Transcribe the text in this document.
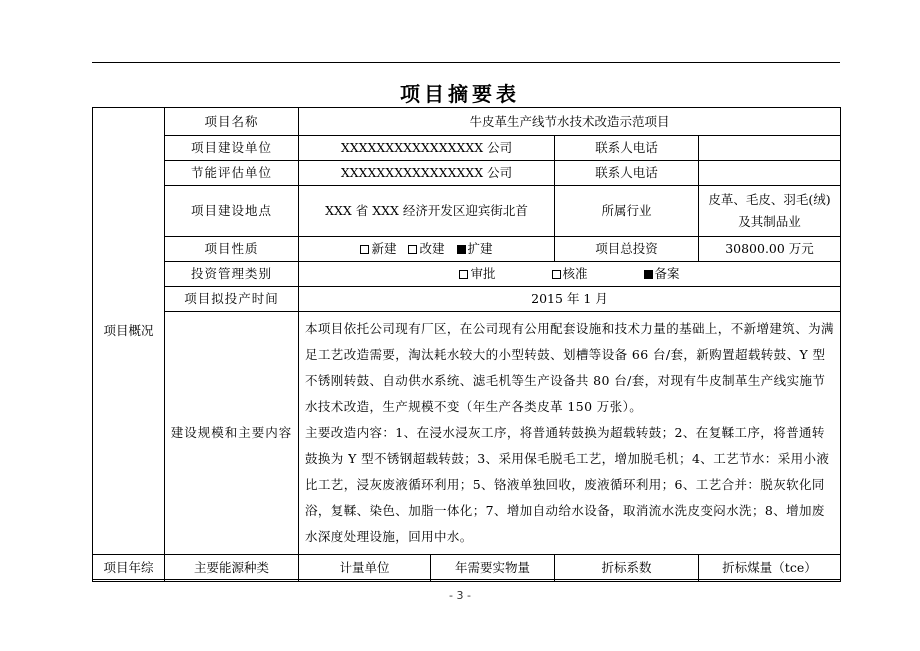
项目摘要表
项目概况	项目名称	牛皮革生产线节水技术改造示范项目			
	项目建设单位	XXXXXXXXXXXXXXXX 公司		联系人电话	
	节能评估单位	XXXXXXXXXXXXXXXX 公司		联系人电话	
	项目建设地点	XXX 省 XXX 经济开发区迎宾街北首		所属行业	皮革、毛皮、羽毛(绒)
及其制品业

	项目性质	新建 改建 扩建		项目总投资	30800.00 万元
	投资管理类别	审批 核准 备案			
	项目拟投产时间	2015 年 1 月			
	建设规模和主要内容	本项目依托公司现有厂区，在公司现有公用配套设施和技术力量的基础上，不新增建筑、为满足工艺改造需要，淘汰耗水较大的小型转鼓、划槽等设备 66 台/套，新购置超载转鼓、Y 型不锈刚转鼓、自动供水系统、滤毛机等生产设备共 80 台/套，对现有牛皮制革生产线实施节水技术改造，生产规模不变（年生产各类皮革 150 万张）。
主要改造内容：1、在浸水浸灰工序，将普通转鼓换为超载转鼓；2、在复鞣工序，将普通转鼓换为 Y 型不锈钢超载转鼓；3、采用保毛脱毛工艺，增加脱毛机；4、工艺节水：采用小液比工艺，浸灰废液循环利用；5、铬液单独回收，废液循环利用；6、工艺合并：脱灰软化同浴，复鞣、染色、加脂一体化；7、增加自动给水设备，取消流水洗皮变闷水洗；8、增加废水深度处理设施，回用中水。			

项目年综	主要能源种类	计量单位	年需要实物量	折标系数	折标煤量（tce）
- 3 -
